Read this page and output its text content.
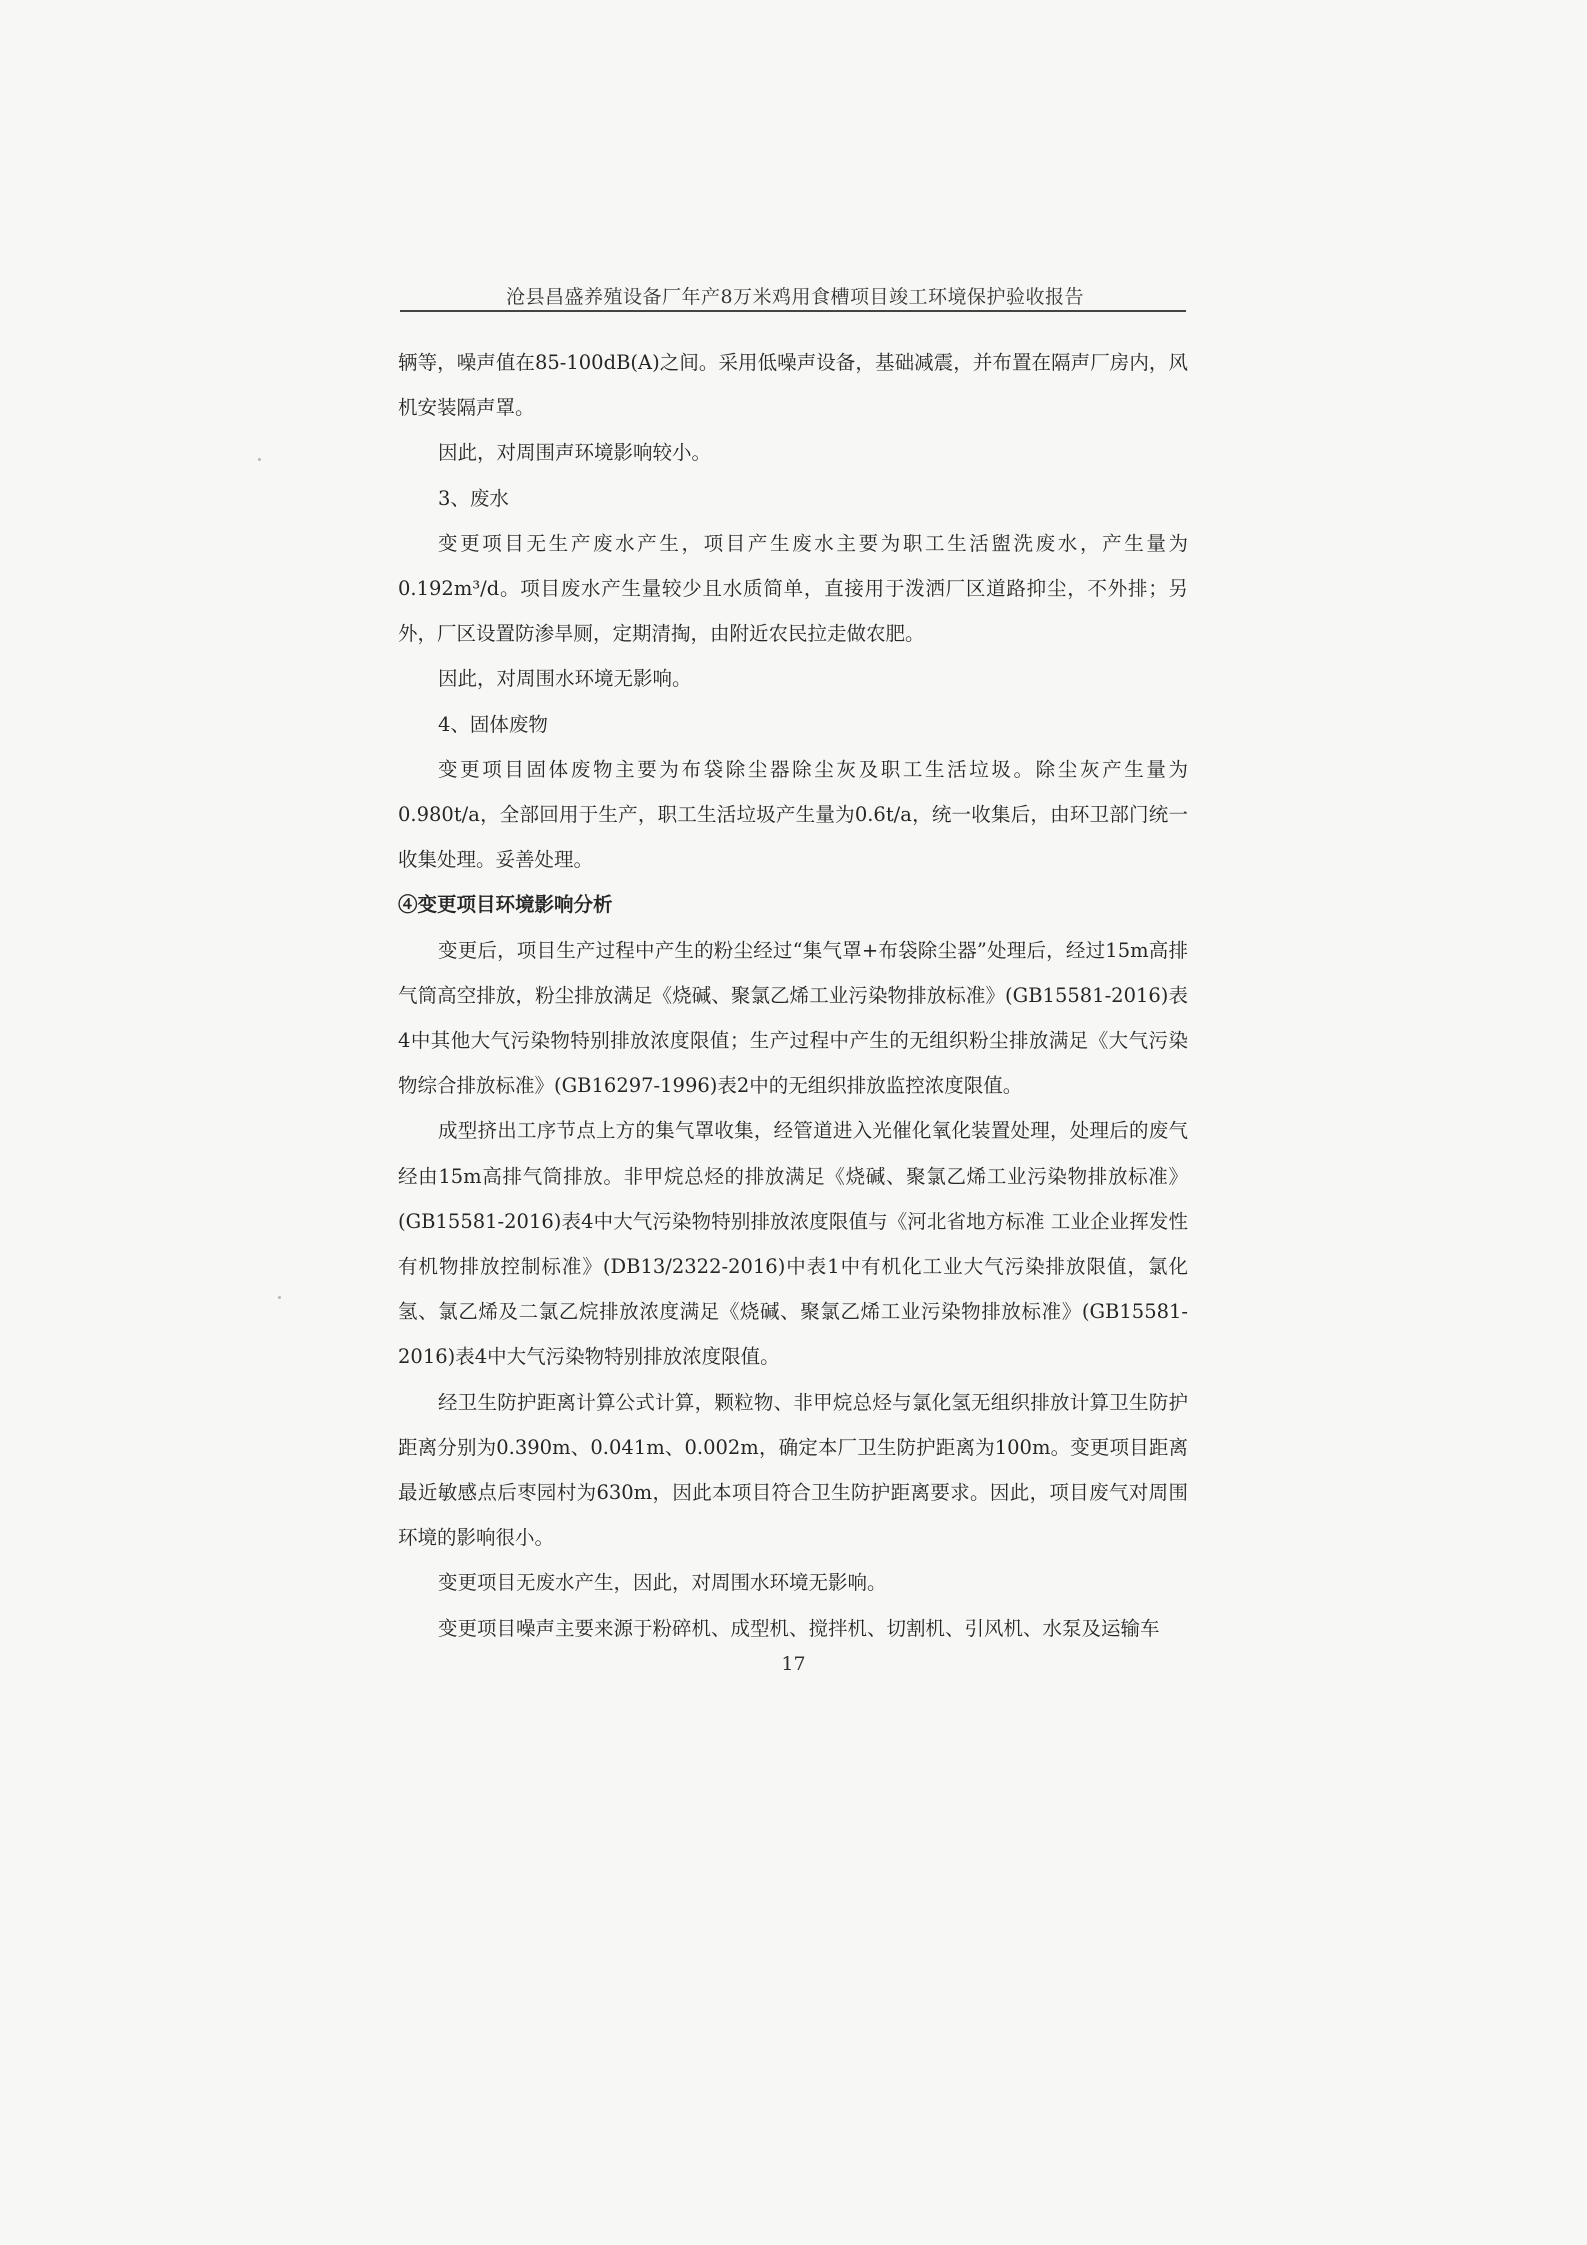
沧县昌盛养殖设备厂年产8万米鸡用食槽项目竣工环境保护验收报告

辆等，噪声值在85-100dB(A)之间。采用低噪声设备，基础减震，并布置在隔声厂房内，风机安装隔声罩。

因此，对周围声环境影响较小。

3、废水

变更项目无生产废水产生，项目产生废水主要为职工生活盥洗废水，产生量为0.192m³/d。项目废水产生量较少且水质简单，直接用于泼洒厂区道路抑尘，不外排；另外，厂区设置防渗旱厕，定期清掏，由附近农民拉走做农肥。

因此，对周围水环境无影响。

4、固体废物

变更项目固体废物主要为布袋除尘器除尘灰及职工生活垃圾。除尘灰产生量为0.980t/a，全部回用于生产，职工生活垃圾产生量为0.6t/a，统一收集后，由环卫部门统一收集处理。妥善处理。

④变更项目环境影响分析

变更后，项目生产过程中产生的粉尘经过“集气罩+布袋除尘器”处理后，经过15m高排气筒高空排放，粉尘排放满足《烧碱、聚氯乙烯工业污染物排放标准》(GB15581-2016)表4中其他大气污染物特别排放浓度限值；生产过程中产生的无组织粉尘排放满足《大气污染物综合排放标准》(GB16297-1996)表2中的无组织排放监控浓度限值。

成型挤出工序节点上方的集气罩收集，经管道进入光催化氧化装置处理，处理后的废气经由15m高排气筒排放。非甲烷总烃的排放满足《烧碱、聚氯乙烯工业污染物排放标准》(GB15581-2016)表4中大气污染物特别排放浓度限值与《河北省地方标准 工业企业挥发性有机物排放控制标准》(DB13/2322-2016)中表1中有机化工业大气污染排放限值，氯化氢、氯乙烯及二氯乙烷排放浓度满足《烧碱、聚氯乙烯工业污染物排放标准》(GB15581-2016)表4中大气污染物特别排放浓度限值。

经卫生防护距离计算公式计算，颗粒物、非甲烷总烃与氯化氢无组织排放计算卫生防护距离分别为0.390m、0.041m、0.002m，确定本厂卫生防护距离为100m。变更项目距离最近敏感点后枣园村为630m，因此本项目符合卫生防护距离要求。因此，项目废气对周围环境的影响很小。

变更项目无废水产生，因此，对周围水环境无影响。

变更项目噪声主要来源于粉碎机、成型机、搅拌机、切割机、引风机、水泵及运输车

17
